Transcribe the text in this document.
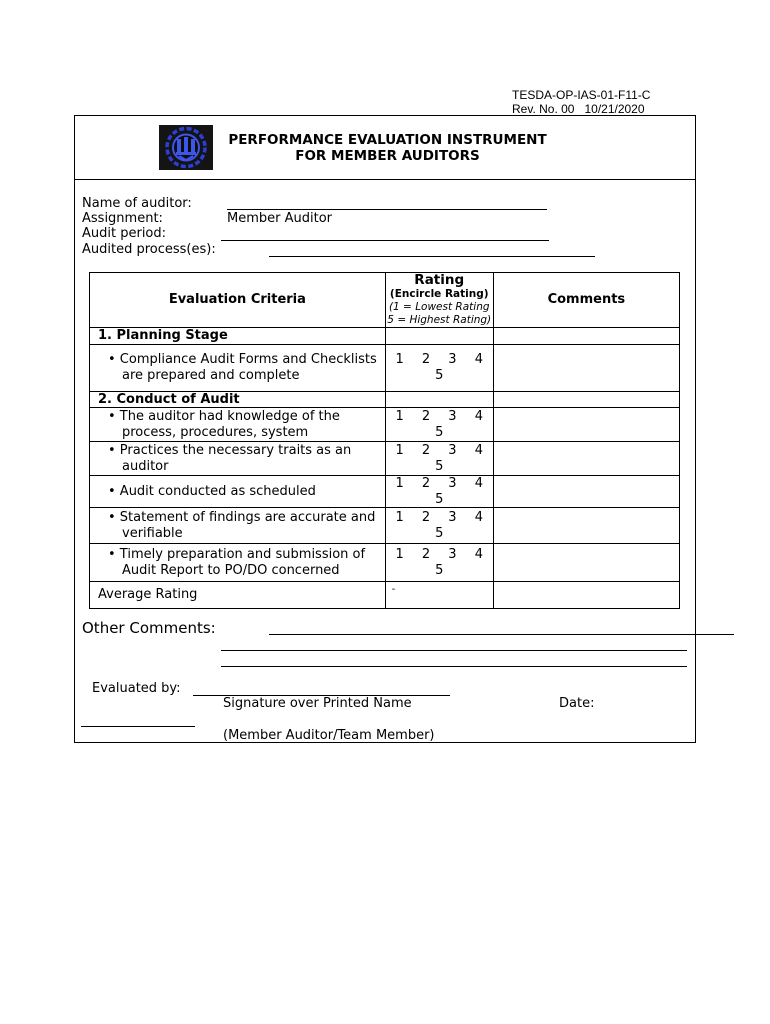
TESDA-OP-IAS-01-F11-C
Rev. No. 00   10/21/2020
PERFORMANCE EVALUATION INSTRUMENT
FOR MEMBER AUDITORS
Name of auditor:
Assignment:	Member Auditor
Audit period:
Audited process(es):
Evaluation Criteria	Rating
(Encircle Rating)
(1 = Lowest Rating
5 = Highest Rating)	Comments
1. Planning Stage		

• Compliance Audit Forms and Checklists are prepared and complete	1 2 3 4
5	
2. Conduct of Audit		

• The auditor had knowledge of the process, procedures, system	1 2 3 4
5	

• Practices the necessary traits as an auditor	1 2 3 4
5	

• Audit conducted as scheduled	1 2 3 4
5	

• Statement of findings are accurate and verifiable	1 2 3 4
5	

• Timely preparation and submission of Audit Report to PO/DO concerned	1 2 3 4
5	
Average Rating	-	
Other Comments:
Evaluated by:
Signature over Printed Name	Date:
(Member Auditor/Team Member)
